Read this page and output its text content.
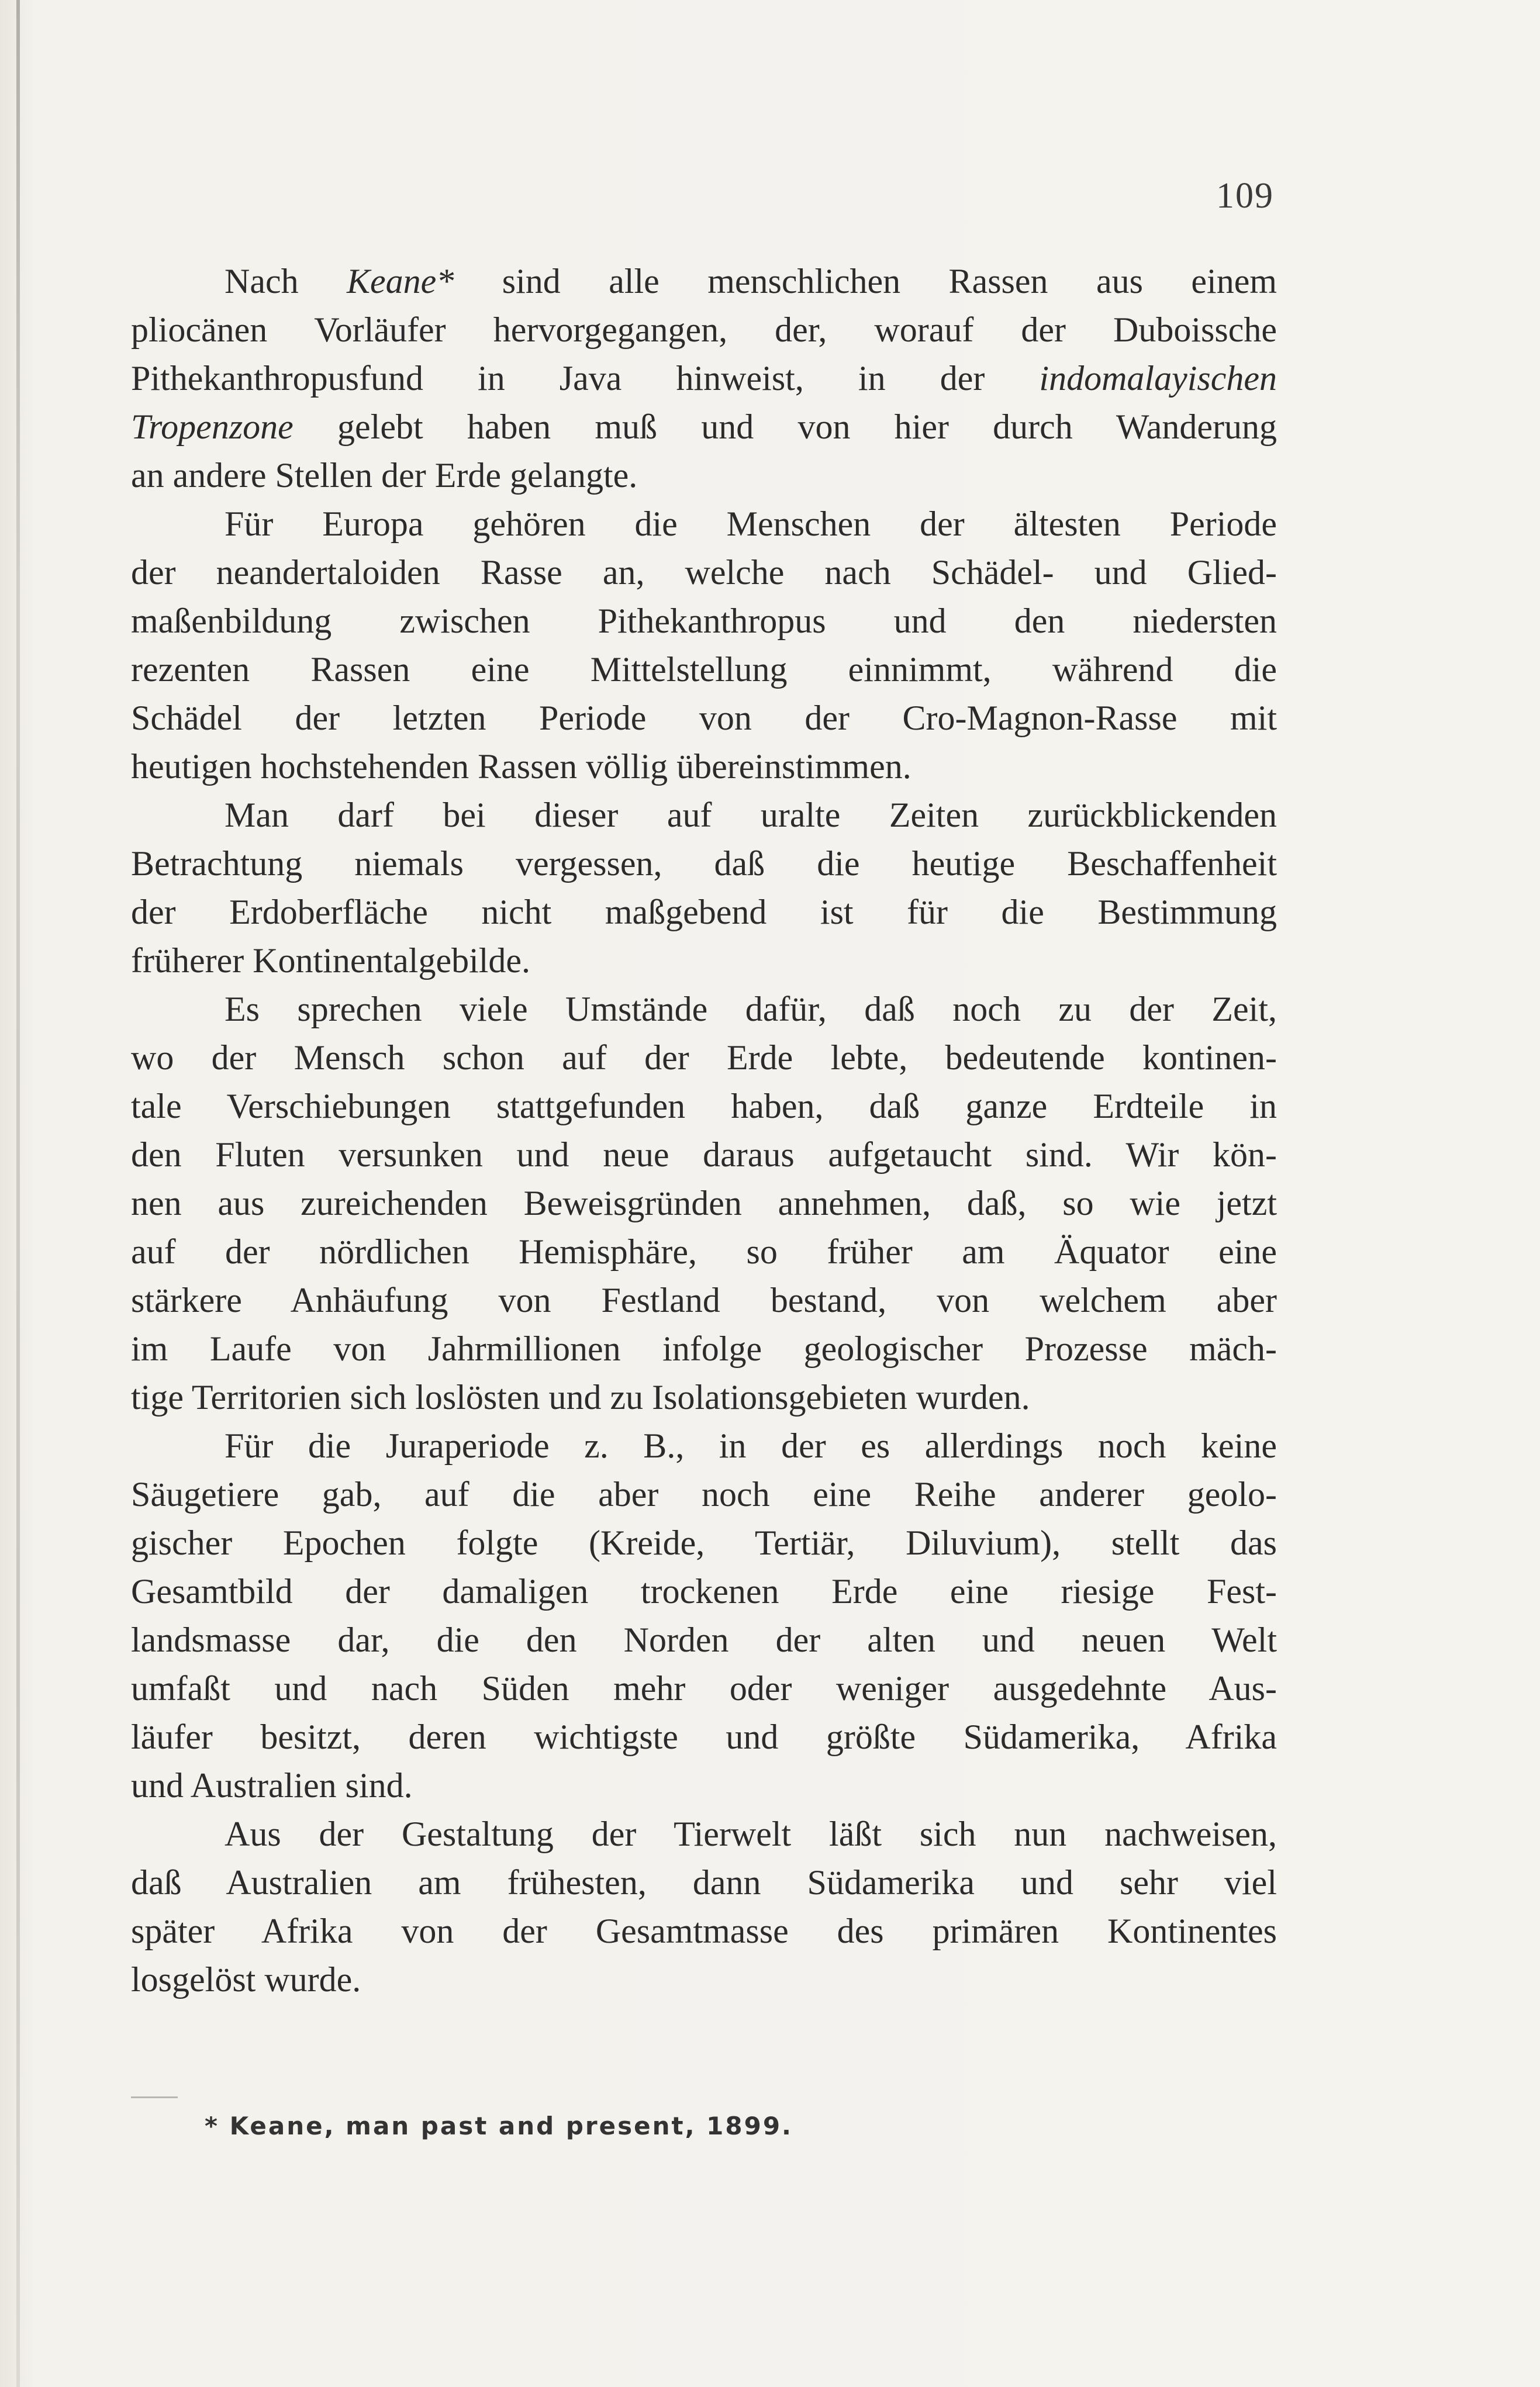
109
Nach Keane* sind alle menschlichen Rassen aus einem
pliocänen Vorläufer hervorgegangen, der, worauf der Duboissche
Pithekanthropusfund in Java hinweist, in der indomalayischen
Tropenzone gelebt haben muß und von hier durch Wanderung
an andere Stellen der Erde gelangte.
Für Europa gehören die Menschen der ältesten Periode
der neandertaloiden Rasse an, welche nach Schädel- und Glied-
maßenbildung zwischen Pithekanthropus und den niedersten
rezenten Rassen eine Mittelstellung einnimmt, während die
Schädel der letzten Periode von der Cro-Magnon-Rasse mit
heutigen hochstehenden Rassen völlig übereinstimmen.
Man darf bei dieser auf uralte Zeiten zurückblickenden
Betrachtung niemals vergessen, daß die heutige Beschaffenheit
der Erdoberfläche nicht maßgebend ist für die Bestimmung
früherer Kontinentalgebilde.
Es sprechen viele Umstände dafür, daß noch zu der Zeit,
wo der Mensch schon auf der Erde lebte, bedeutende kontinen-
tale Verschiebungen stattgefunden haben, daß ganze Erdteile in
den Fluten versunken und neue daraus aufgetaucht sind. Wir kön-
nen aus zureichenden Beweisgründen annehmen, daß, so wie jetzt
auf der nördlichen Hemisphäre, so früher am Äquator eine
stärkere Anhäufung von Festland bestand, von welchem aber
im Laufe von Jahrmillionen infolge geologischer Prozesse mäch-
tige Territorien sich loslösten und zu Isolationsgebieten wurden.
Für die Juraperiode z. B., in der es allerdings noch keine
Säugetiere gab, auf die aber noch eine Reihe anderer geolo-
gischer Epochen folgte (Kreide, Tertiär, Diluvium), stellt das
Gesamtbild der damaligen trockenen Erde eine riesige Fest-
landsmasse dar, die den Norden der alten und neuen Welt
umfaßt und nach Süden mehr oder weniger ausgedehnte Aus-
läufer besitzt, deren wichtigste und größte Südamerika, Afrika
und Australien sind.
Aus der Gestaltung der Tierwelt läßt sich nun nachweisen,
daß Australien am frühesten, dann Südamerika und sehr viel
später Afrika von der Gesamtmasse des primären Kontinentes
losgelöst wurde.
* Keane, man past and present, 1899.
